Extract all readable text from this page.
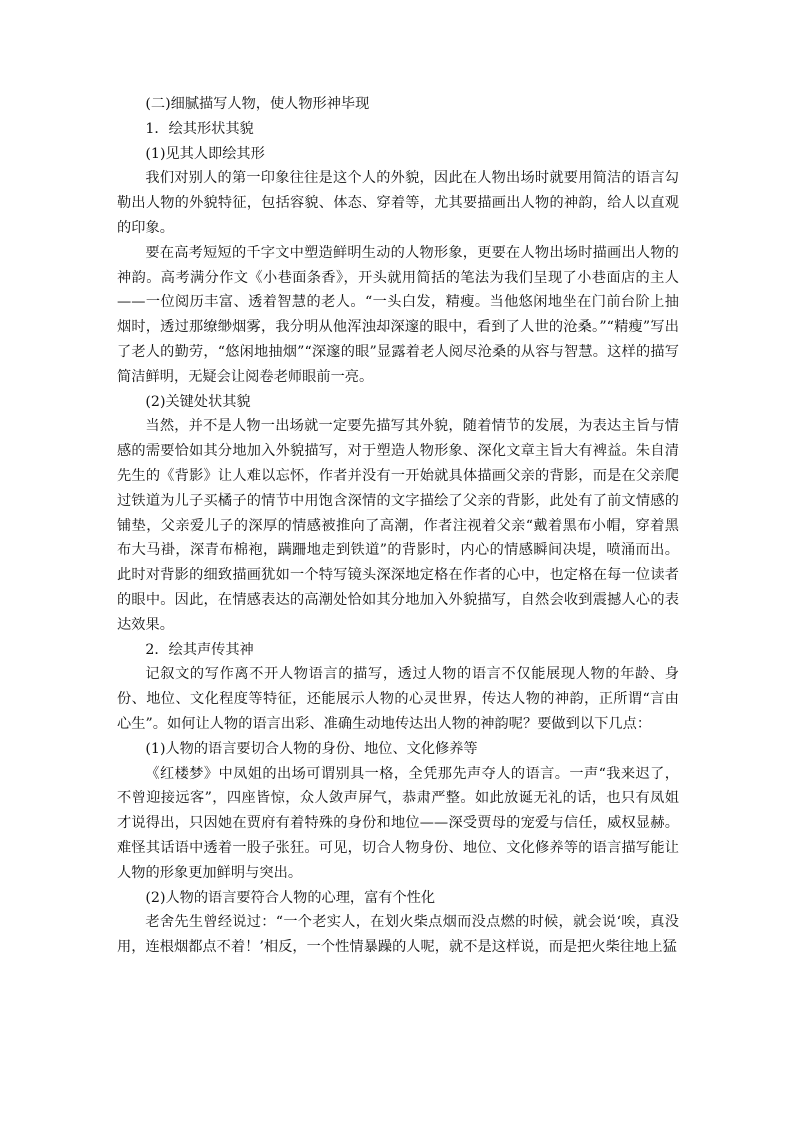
(二)细腻描写人物，使人物形神毕现

1．绘其形状其貌

(1)见其人即绘其形

我们对别人的第一印象往往是这个人的外貌，因此在人物出场时就要用简洁的语言勾勒出人物的外貌特征，包括容貌、体态、穿着等，尤其要描画出人物的神韵，给人以直观的印象。

要在高考短短的千字文中塑造鲜明生动的人物形象，更要在人物出场时描画出人物的神韵。高考满分作文《小巷面条香》，开头就用简括的笔法为我们呈现了小巷面店的主人——一位阅历丰富、透着智慧的老人。“一头白发，精瘦。当他悠闲地坐在门前台阶上抽烟时，透过那缭缈烟雾，我分明从他浑浊却深邃的眼中，看到了人世的沧桑。”“精瘦”写出了老人的勤劳，“悠闲地抽烟”“深邃的眼”显露着老人阅尽沧桑的从容与智慧。这样的描写简洁鲜明，无疑会让阅卷老师眼前一亮。

(2)关键处状其貌

当然，并不是人物一出场就一定要先描写其外貌，随着情节的发展，为表达主旨与情感的需要恰如其分地加入外貌描写，对于塑造人物形象、深化文章主旨大有裨益。朱自清先生的《背影》让人难以忘怀，作者并没有一开始就具体描画父亲的背影，而是在父亲爬过铁道为儿子买橘子的情节中用饱含深情的文字描绘了父亲的背影，此处有了前文情感的铺垫，父亲爱儿子的深厚的情感被推向了高潮，作者注视着父亲“戴着黑布小帽，穿着黑布大马褂，深青布棉袍，蹒跚地走到铁道”的背影时，内心的情感瞬间决堤，喷涌而出。此时对背影的细致描画犹如一个特写镜头深深地定格在作者的心中，也定格在每一位读者的眼中。因此，在情感表达的高潮处恰如其分地加入外貌描写，自然会收到震撼人心的表达效果。

2．绘其声传其神

记叙文的写作离不开人物语言的描写，透过人物的语言不仅能展现人物的年龄、身份、地位、文化程度等特征，还能展示人物的心灵世界，传达人物的神韵，正所谓“言由心生”。如何让人物的语言出彩、准确生动地传达出人物的神韵呢？要做到以下几点：

(1)人物的语言要切合人物的身份、地位、文化修养等

《红楼梦》中凤姐的出场可谓别具一格，全凭那先声夺人的语言。一声“我来迟了，不曾迎接远客”，四座皆惊，众人敛声屏气，恭肃严整。如此放诞无礼的话，也只有凤姐才说得出，只因她在贾府有着特殊的身份和地位——深受贾母的宠爱与信任，威权显赫。难怪其话语中透着一股子张狂。可见，切合人物身份、地位、文化修养等的语言描写能让人物的形象更加鲜明与突出。

(2)人物的语言要符合人物的心理，富有个性化

老舍先生曾经说过：“一个老实人，在划火柴点烟而没点燃的时候，就会说‘唉，真没用，连根烟都点不着！’相反，一个性情暴躁的人呢，就不是这样说，而是把火柴往地上猛
